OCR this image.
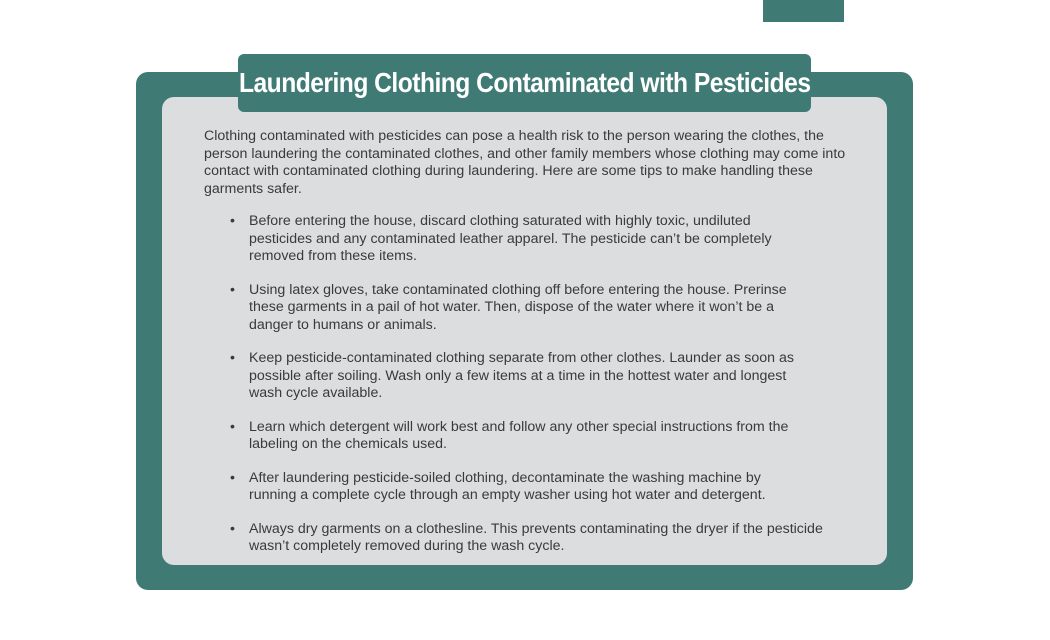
Laundering Clothing Contaminated with Pesticides

Clothing contaminated with pesticides can pose a health risk to the person wearing the clothes, the person laundering the contaminated clothes, and other family members whose clothing may come into contact with contaminated clothing during laundering. Here are some tips to make handling these garments safer.

• Before entering the house, discard clothing saturated with highly toxic, undiluted pesticides and any contaminated leather apparel. The pesticide can’t be completely removed from these items.
• Using latex gloves, take contaminated clothing off before entering the house. Prerinse these garments in a pail of hot water. Then, dispose of the water where it won’t be a danger to humans or animals.
• Keep pesticide-contaminated clothing separate from other clothes. Launder as soon as possible after soiling. Wash only a few items at a time in the hottest water and longest wash cycle available.
• Learn which detergent will work best and follow any other special instructions from the labeling on the chemicals used.
• After laundering pesticide-soiled clothing, decontaminate the washing machine by running a complete cycle through an empty washer using hot water and detergent.
• Always dry garments on a clothesline. This prevents contaminating the dryer if the pesticide wasn’t completely removed during the wash cycle.
